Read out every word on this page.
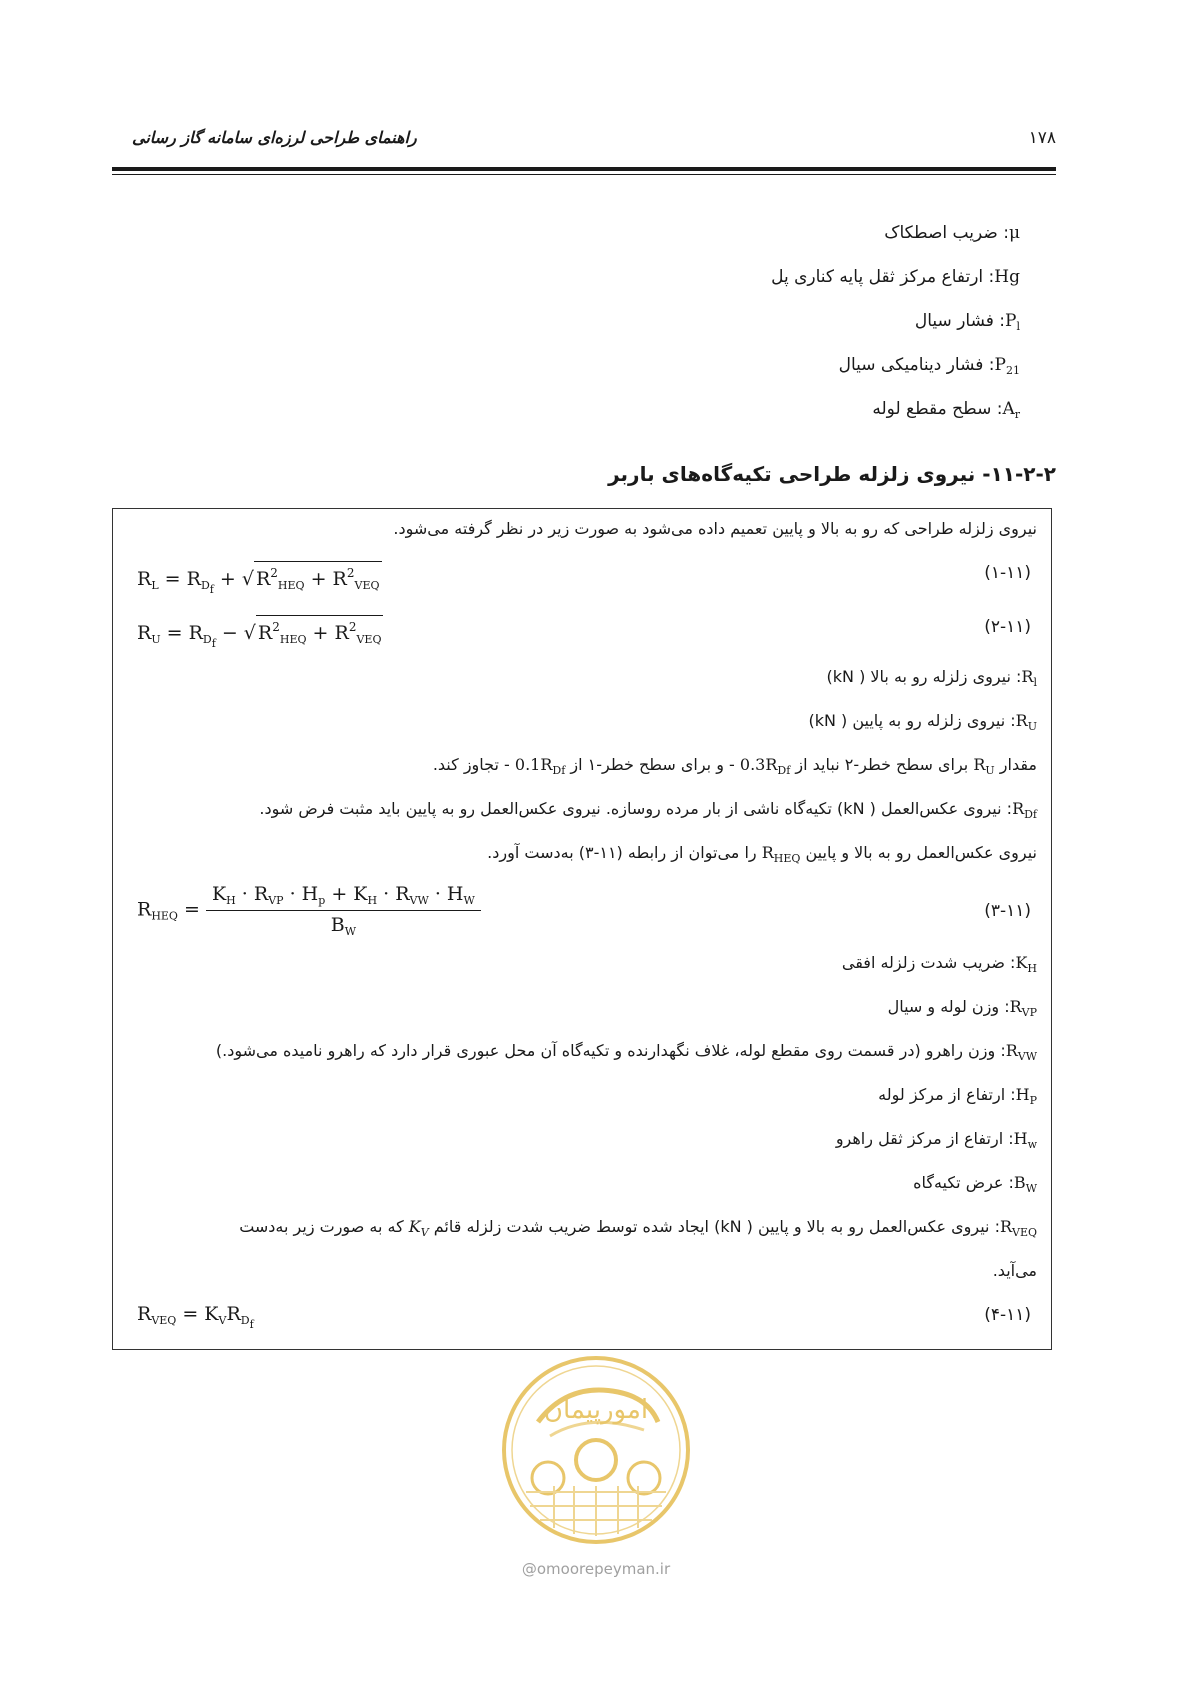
۱۷۸
راهنمای طراحی لرزه‌ای سامانه گاز رسانی
μ: ضریب اصطکاک
Hg: ارتفاع مرکز ثقل پایه کناری پل
$P_l$: فشار سیال
$P_{21}$: فشار دینامیکی سیال
$A_r$: سطح مقطع لوله
۱۱-۲-۲- نیروی زلزله طراحی تکیه‌گاه‌های باربر
نیروی زلزله طراحی که رو به بالا و پایین تعمیم داده می‌شود به صورت زیر در نظر گرفته می‌شود.
$R_L = R_{D_f}$ + √ $R^2_{HEQ} + R^2_{VEQ}$
(۱-۱۱)
$R_U = R_{D_f}$ − √ $R^2_{HEQ} + R^2_{VEQ}$
(۲-۱۱)
$R_l$: نیروی زلزله رو به بالا ( kN)
$R_U$: نیروی زلزله رو به پایین ( kN)
مقدار $R_U$ برای سطح خطر-۲ نباید از $0.3R_{Df}$ - و برای سطح خطر-۱ از $0.1R_{Df}$ - تجاوز کند.
$R_{Df}$: نیروی عکس‌العمل ( kN) تکیه‌گاه ناشی از بار مرده روسازه. نیروی عکس‌العمل رو به پایین باید مثبت فرض شود.
نیروی عکس‌العمل رو به بالا و پایین $R_{HEQ}$ را می‌توان از رابطه (۱۱-۳) به‌دست آورد.
$R_{HEQ} = \frac{K_H \cdot R_{VP} \cdot H_p + K_H \cdot R_{VW} \cdot H_W}{B_W}$	(۳-۱۱)
$K_H$: ضریب شدت زلزله افقی
$R_{VP}$: وزن لوله و سیال
$R_{VW}$: وزن راهرو (در قسمت روی مقطع لوله، غلاف نگهدارنده و تکیه‌گاه آن محل عبوری قرار دارد که راهرو نامیده می‌شود.)
$H_P$: ارتفاع از مرکز لوله
$H_w$: ارتفاع از مرکز ثقل راهرو
$B_W$: عرض تکیه‌گاه
$R_{VEQ}$: نیروی عکس‌العمل رو به بالا و پایین ( kN) ایجاد شده توسط ضریب شدت زلزله قائم $K_V$ که به صورت زیر به‌دست
می‌آید.
$R_{VEQ} = K_VR_{D_f}$	(۴-۱۱)
امورپیمان
@omoorepeyman.ir
